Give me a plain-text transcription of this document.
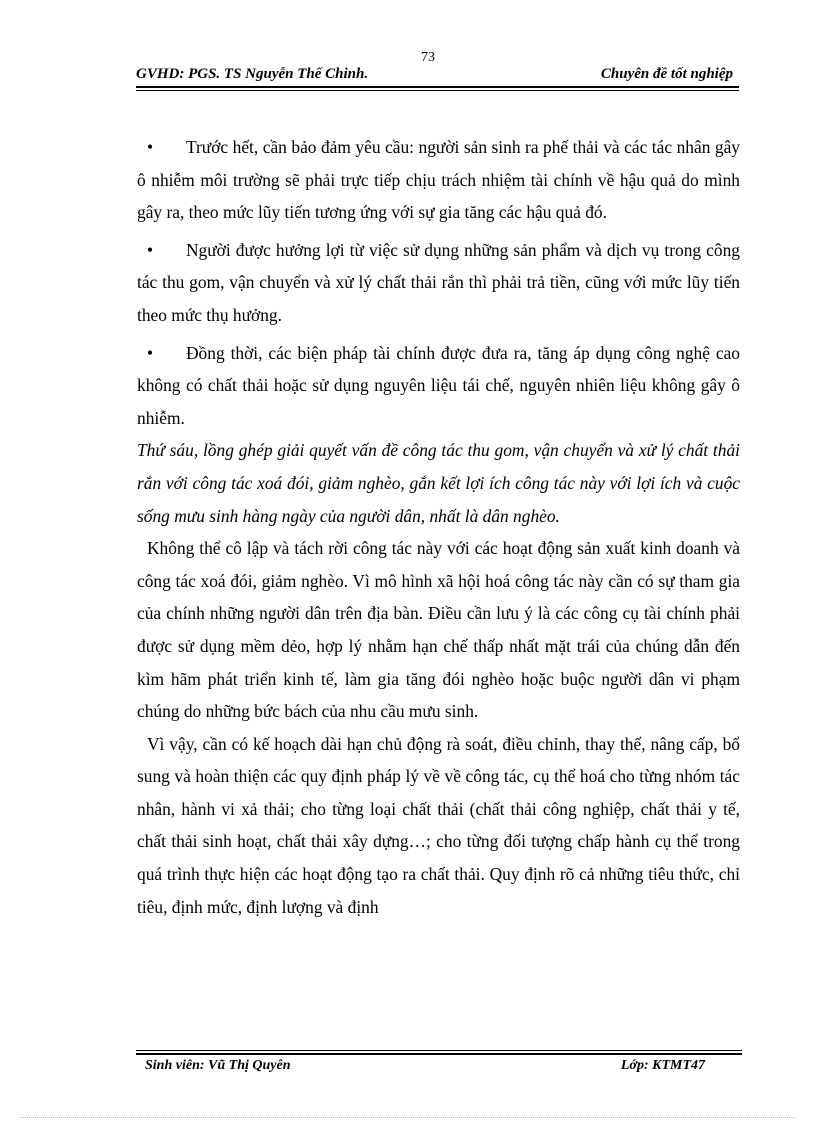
73
GVHD: PGS. TS Nguyễn Thế Chinh.	Chuyên đề tốt nghiệp

• Trước hết, cần bảo đảm yêu cầu: người sản sinh ra phế thải và các tác nhân gây ô nhiễm môi trường sẽ phải trực tiếp chịu trách nhiệm tài chính về hậu quả do mình gây ra, theo mức lũy tiến tương ứng với sự gia tăng các hậu quả đó.

• Người được hưởng lợi từ việc sử dụng những sản phẩm và dịch vụ trong công tác thu gom, vận chuyển và xử lý chất thải rắn thì phải trả tiền, cũng với mức lũy tiến theo mức thụ hưởng.

• Đồng thời, các biện pháp tài chính được đưa ra, tăng áp dụng công nghệ cao không có chất thải hoặc sử dụng nguyên liệu tái chế, nguyên nhiên liệu không gây ô nhiễm.

Thứ sáu, lồng ghép giải quyết vấn đề công tác thu gom, vận chuyển và xử lý chất thải rắn với công tác xoá đói, giảm nghèo, gắn kết lợi ích công tác này với lợi ích và cuộc sống mưu sinh hàng ngày của người dân, nhất là dân nghèo.

Không thể cô lập và tách rời công tác này với các hoạt động sản xuất kinh doanh và công tác xoá đói, giảm nghèo. Vì mô hình xã hội hoá công tác này cần có sự tham gia của chính những người dân trên địa bàn. Điều cần lưu ý là các công cụ tài chính phải được sử dụng mềm dẻo, hợp lý nhằm hạn chế thấp nhất mặt trái của chúng dẫn đến kìm hãm phát triển kinh tế, làm gia tăng đói nghèo hoặc buộc người dân vi phạm chúng do những bức bách của nhu cầu mưu sinh.

Vì vậy, cần có kế hoạch dài hạn chủ động rà soát, điều chỉnh, thay thế, nâng cấp, bổ sung và hoàn thiện các quy định pháp lý về về công tác, cụ thể hoá cho từng nhóm tác nhân, hành vi xả thải; cho từng loại chất thải (chất thải công nghiệp, chất thải y tế, chất thải sinh hoạt, chất thải xây dựng…; cho từng đối tượng chấp hành cụ thể trong quá trình thực hiện các hoạt động tạo ra chất thải. Quy định rõ cả những tiêu thức, chỉ tiêu, định mức, định lượng và định

Sinh viên: Vũ Thị Quyên	Lớp: KTMT47
